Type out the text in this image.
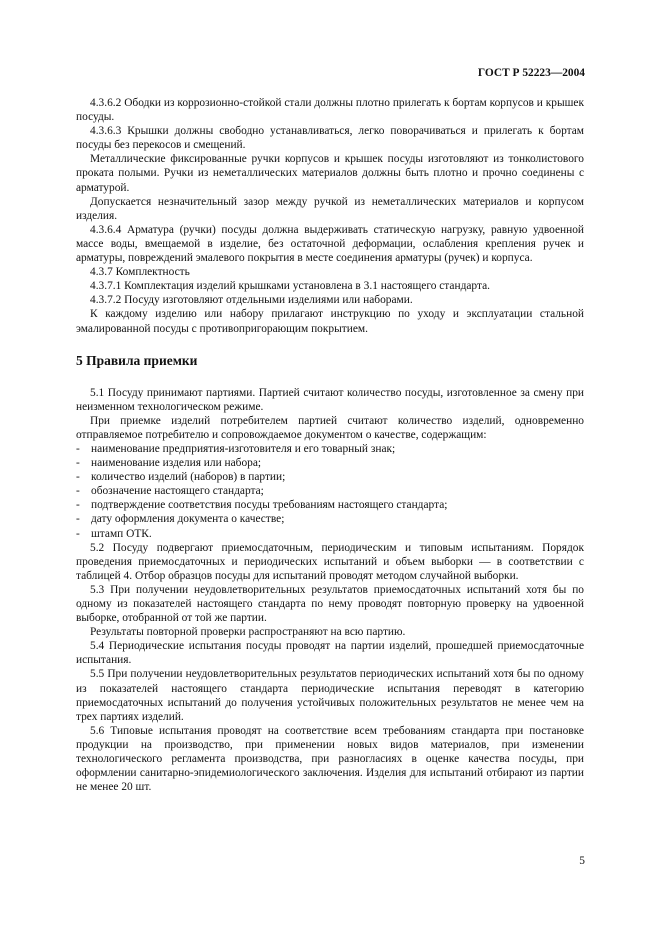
ГОСТ Р 52223—2004

4.3.6.2 Ободки из коррозионно-стойкой стали должны плотно прилегать к бортам корпусов и крышек посуды.

4.3.6.3 Крышки должны свободно устанавливаться, легко поворачиваться и прилегать к бортам посуды без перекосов и смещений.

Металлические фиксированные ручки корпусов и крышек посуды изготовляют из тонколистового проката полыми. Ручки из неметаллических материалов должны быть плотно и прочно соединены с арматурой.

Допускается незначительный зазор между ручкой из неметаллических материалов и корпусом изделия.

4.3.6.4 Арматура (ручки) посуды должна выдерживать статическую нагрузку, равную удвоенной массе воды, вмещаемой в изделие, без остаточной деформации, ослабления крепления ручек и арматуры, повреждений эмалевого покрытия в месте соединения арматуры (ручек) и корпуса.

4.3.7 Комплектность

4.3.7.1 Комплектация изделий крышками установлена в 3.1 настоящего стандарта.

4.3.7.2 Посуду изготовляют отдельными изделиями или наборами.

К каждому изделию или набору прилагают инструкцию по уходу и эксплуатации стальной эмалированной посуды с противопригорающим покрытием.

5 Правила приемки

5.1 Посуду принимают партиями. Партией считают количество посуды, изготовленное за смену при неизменном технологическом режиме.

При приемке изделий потребителем партией считают количество изделий, одновременно отправляемое потребителю и сопровождаемое документом о качестве, содержащим:

- наименование предприятия-изготовителя и его товарный знак;
- наименование изделия или набора;
- количество изделий (наборов) в партии;
- обозначение настоящего стандарта;
- подтверждение соответствия посуды требованиям настоящего стандарта;
- дату оформления документа о качестве;
- штамп ОТК.

5.2 Посуду подвергают приемосдаточным, периодическим и типовым испытаниям. Порядок проведения приемосдаточных и периодических испытаний и объем выборки — в соответствии с таблицей 4. Отбор образцов посуды для испытаний проводят методом случайной выборки.

5.3 При получении неудовлетворительных результатов приемосдаточных испытаний хотя бы по одному из показателей настоящего стандарта по нему проводят повторную проверку на удвоенной выборке, отобранной от той же партии.

Результаты повторной проверки распространяют на всю партию.

5.4 Периодические испытания посуды проводят на партии изделий, прошедшей приемосдаточные испытания.

5.5 При получении неудовлетворительных результатов периодических испытаний хотя бы по одному из показателей настоящего стандарта периодические испытания переводят в категорию приемосдаточных испытаний до получения устойчивых положительных результатов не менее чем на трех партиях изделий.

5.6 Типовые испытания проводят на соответствие всем требованиям стандарта при постановке продукции на производство, при применении новых видов материалов, при изменении технологического регламента производства, при разногласиях в оценке качества посуды, при оформлении санитарно-эпидемиологического заключения. Изделия для испытаний отбирают из партии не менее 20 шт.

5
